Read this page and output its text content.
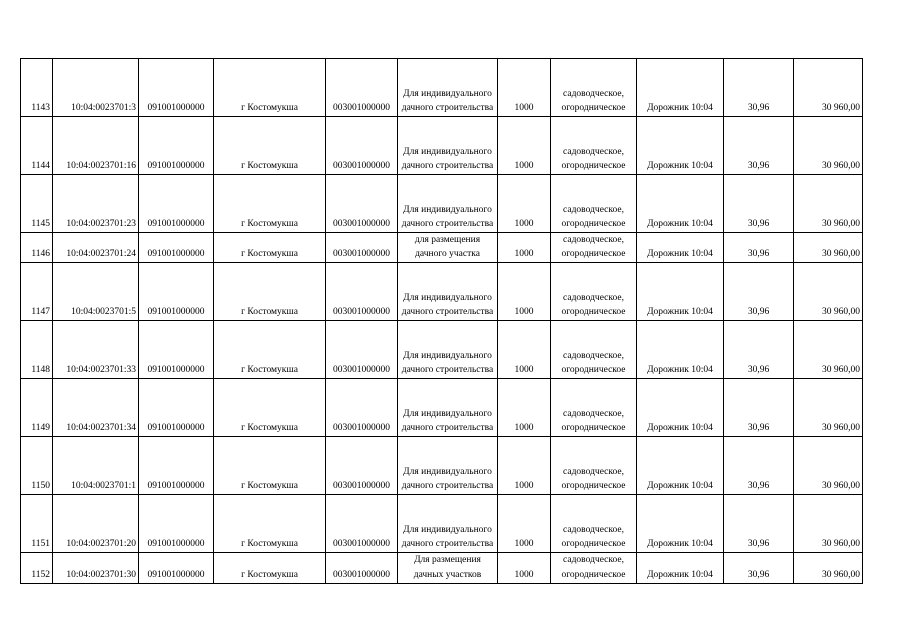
1143	10:04:0023701:3	091001000000	г Костомукша	003001000000	Для индивидуального дачного строительства	1000	садоводческое, огородническое	Дорожник 10:04	30,96	30 960,00
1144	10:04:0023701:16	091001000000	г Костомукша	003001000000	Для индивидуального дачного строительства	1000	садоводческое, огородническое	Дорожник 10:04	30,96	30 960,00
1145	10:04:0023701:23	091001000000	г Костомукша	003001000000	Для индивидуального дачного строительства	1000	садоводческое, огородническое	Дорожник 10:04	30,96	30 960,00
1146	10:04:0023701:24	091001000000	г Костомукша	003001000000	для размещения дачного участка	1000	садоводческое, огородническое	Дорожник 10:04	30,96	30 960,00
1147	10:04:0023701:5	091001000000	г Костомукша	003001000000	Для индивидуального дачного строительства	1000	садоводческое, огородническое	Дорожник 10:04	30,96	30 960,00
1148	10:04:0023701:33	091001000000	г Костомукша	003001000000	Для индивидуального дачного строительства	1000	садоводческое, огородническое	Дорожник 10:04	30,96	30 960,00
1149	10:04:0023701:34	091001000000	г Костомукша	003001000000	Для индивидуального дачного строительства	1000	садоводческое, огородническое	Дорожник 10:04	30,96	30 960,00
1150	10:04:0023701:1	091001000000	г Костомукша	003001000000	Для индивидуального дачного строительства	1000	садоводческое, огородническое	Дорожник 10:04	30,96	30 960,00
1151	10:04:0023701:20	091001000000	г Костомукша	003001000000	Для индивидуального дачного строительства	1000	садоводческое, огородническое	Дорожник 10:04	30,96	30 960,00
1152	10:04:0023701:30	091001000000	г Костомукша	003001000000	Для размещения дачных участков	1000	садоводческое, огородническое	Дорожник 10:04	30,96	30 960,00
